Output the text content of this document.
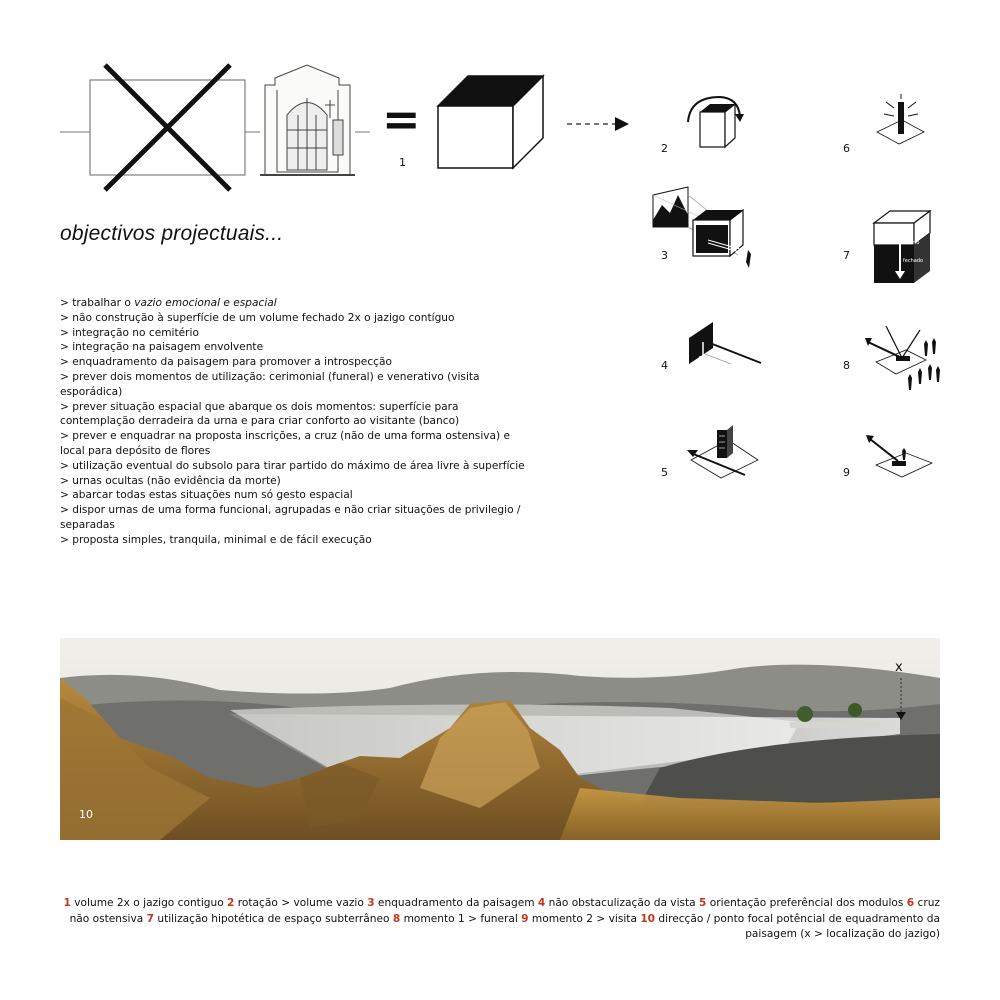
=
1
2
3
4
5
6
aberto
fechado
7
8
9
objectivos projectuais...
> trabalhar o vazio emocional e espacial
> não construção à superfície de um volume fechado 2x o jazigo contíguo
> integração no cemitério
> integração na paisagem envolvente
> enquadramento da paisagem para promover a introspecção
> prever dois momentos de utilização: cerimonial (funeral) e venerativo (visita esporádica)
> prever situação espacial que abarque os dois momentos: superfície para contemplação derradeira da urna e para criar conforto ao visitante (banco)
> prever e enquadrar na proposta inscrições, a cruz (não de uma forma ostensiva) e local para depósito de flores
> utilização eventual do subsolo para tirar partido do máximo de área livre à superfície
> urnas ocultas (não evidência da morte)
> abarcar todas estas situações num só gesto espacial
> dispor urnas de uma forma funcional, agrupadas e não criar situações de privilegio / separadas
> proposta simples, tranquila, minimal e de fácil execução
10
x

1 volume 2x o jazigo contiguo 2 rotação > volume vazio 3 enquadramento da paisagem 4 não obstaculização da vista 5 orientação preferêncial dos modulos 6 cruz não ostensiva 7 utilização hipotética de espaço subterrâneo 8 momento 1 > funeral 9 momento 2 > visita 10 direcção / ponto focal potêncial de equadramento da paisagem (x > localização do jazigo)
